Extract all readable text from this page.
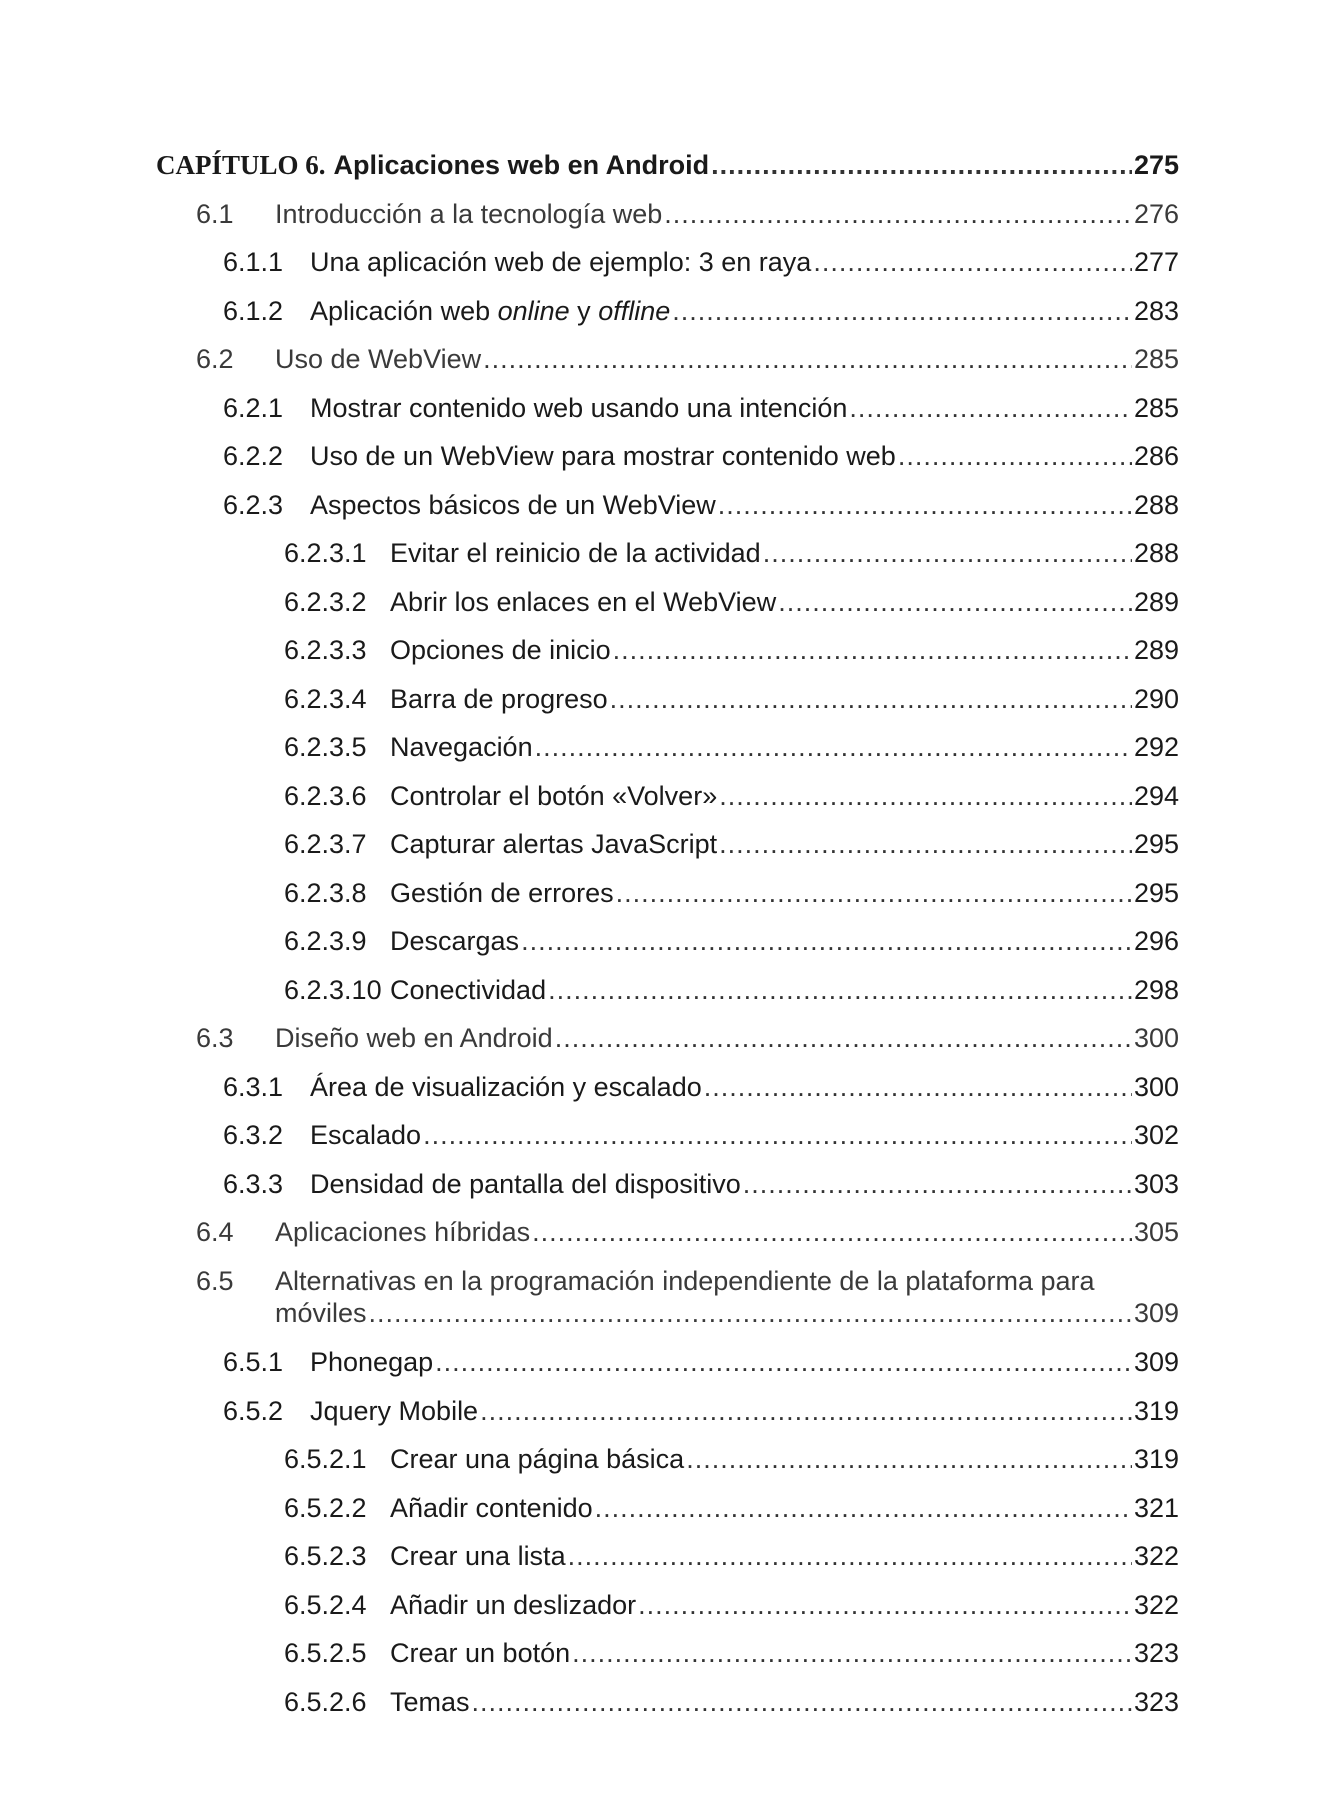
CAPÍTULO 6. Aplicaciones web en Android .....	275
6.1	Introducción a la tecnología web .....	276
6.1.1 Una aplicación web de ejemplo: 3 en raya .....	277
6.1.2 Aplicación web online y offline .....	283
6.2	Uso de WebView .....	285
6.2.1 Mostrar contenido web usando una intención .....	285
6.2.2 Uso de un WebView para mostrar contenido web .....	286
6.2.3 Aspectos básicos de un WebView .....	288
6.2.3.1 Evitar el reinicio de la actividad .....	288
6.2.3.2 Abrir los enlaces en el WebView .....	289
6.2.3.3 Opciones de inicio .....	289
6.2.3.4 Barra de progreso .....	290
6.2.3.5 Navegación .....	292
6.2.3.6 Controlar el botón «Volver» .....	294
6.2.3.7 Capturar alertas JavaScript .....	295
6.2.3.8 Gestión de errores .....	295
6.2.3.9 Descargas .....	296
6.2.3.10 Conectividad .....	298
6.3	Diseño web en Android .....	300
6.3.1 Área de visualización y escalado .....	300
6.3.2 Escalado .....	302
6.3.3 Densidad de pantalla del dispositivo .....	303
6.4	Aplicaciones híbridas .....	305
6.5	Alternativas en la programación independiente de la plataforma para
móviles .....	309
6.5.1 Phonegap .....	309
6.5.2 Jquery Mobile .....	319
6.5.2.1 Crear una página básica .....	319
6.5.2.2 Añadir contenido .....	321
6.5.2.3 Crear una lista .....	322
6.5.2.4 Añadir un deslizador .....	322
6.5.2.5 Crear un botón .....	323
6.5.2.6 Temas .....	323
